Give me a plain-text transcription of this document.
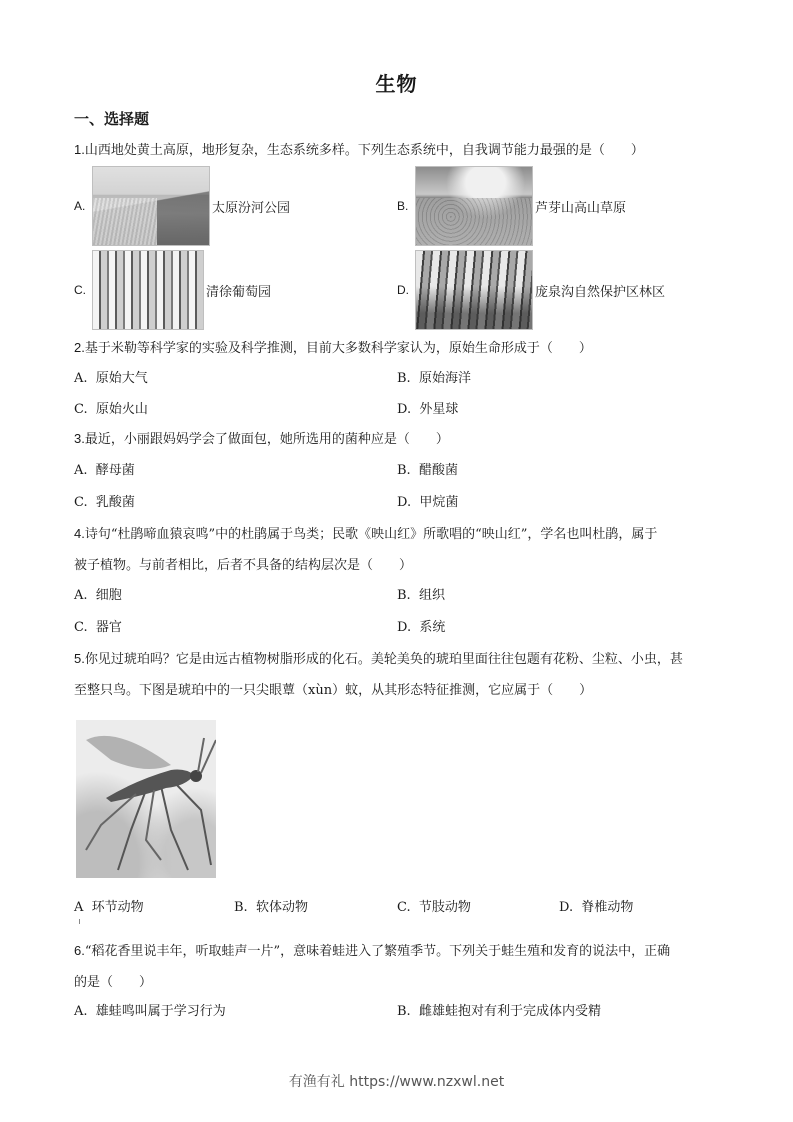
生物
一、选择题
1.山西地处黄土高原，地形复杂，生态系统多样。下列生态系统中，自我调节能力最强的是（　　）
A.	太原汾河公园	B.	芦芽山高山草原
C.	清徐葡萄园	D.	庞泉沟自然保护区林区
2.基于米勒等科学家的实验及科学推测，目前大多数科学家认为，原始生命形成于（　　）
A. 原始大气	B. 原始海洋
C. 原始火山	D. 外星球
3.最近，小丽跟妈妈学会了做面包，她所选用的菌种应是（　　）
A. 酵母菌	B. 醋酸菌
C. 乳酸菌	D. 甲烷菌
4.诗句“杜鹃啼血猿哀鸣”中的杜鹃属于鸟类；民歌《映山红》所歌唱的“映山红”，学名也叫杜鹃，属于
被子植物。与前者相比，后者不具备的结构层次是（　　）
A. 细胞	B. 组织
C. 器官	D. 系统
5.你见过琥珀吗？它是由远古植物树脂形成的化石。美轮美奂的琥珀里面往往包题有花粉、尘粒、小虫，甚
至整只鸟。下图是琥珀中的一只尖眼蕈（xùn）蚊，从其形态特征推测，它应属于（　　）
A 环节动物	B. 软体动物	C. 节肢动物	D. 脊椎动物
6.“稻花香里说丰年，听取蛙声一片”，意味着蛙进入了繁殖季节。下列关于蛙生殖和发育的说法中，正确
的是（　　）
A. 雄蛙鸣叫属于学习行为	B. 雌雄蛙抱对有利于完成体内受精
有渔有礼 https://www.nzxwl.net
